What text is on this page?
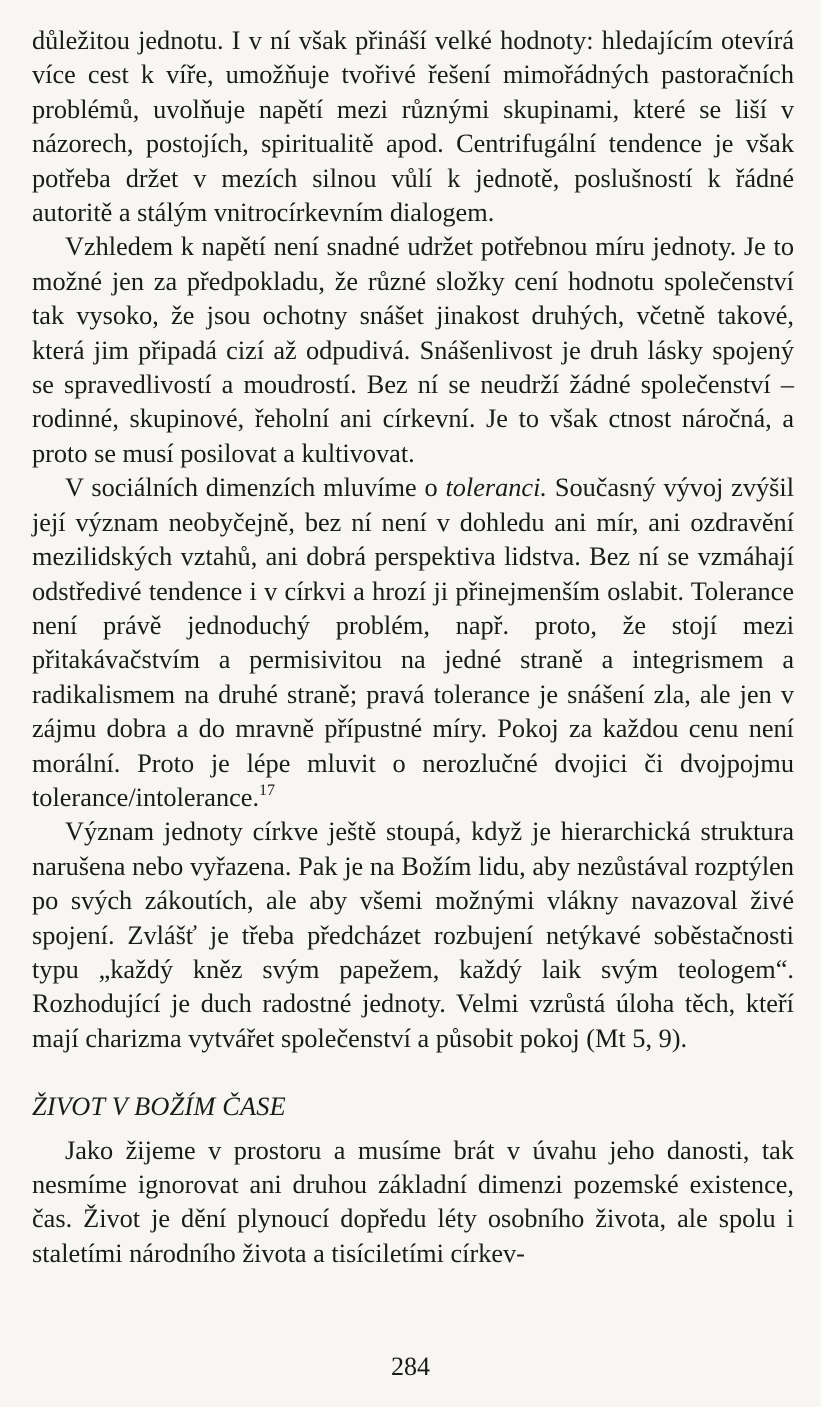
důležitou jednotu. I v ní však přináší velké hodnoty: hledajícím otevírá více cest k víře, umožňuje tvořivé řešení mimořádných pastoračních problémů, uvolňuje napětí mezi různými skupinami, které se liší v názorech, postojích, spiritualitě apod. Centrifugální tendence je však potřeba držet v mezích silnou vůlí k jednotě, poslušností k řádné autoritě a stálým vnitrocírkevním dialogem.

Vzhledem k napětí není snadné udržet potřebnou míru jednoty. Je to možné jen za předpokladu, že různé složky cení hodnotu společenství tak vysoko, že jsou ochotny snášet jinakost druhých, včetně takové, která jim připadá cizí až odpudivá. Snášenlivost je druh lásky spojený se spravedlivostí a moudrostí. Bez ní se neudrží žádné společenství – rodinné, skupinové, řeholní ani církevní. Je to však ctnost náročná, a proto se musí posilovat a kultivovat.

V sociálních dimenzích mluvíme o toleranci. Současný vývoj zvýšil její význam neobyčejně, bez ní není v dohledu ani mír, ani ozdravění mezilidských vztahů, ani dobrá perspektiva lidstva. Bez ní se vzmáhají odstředivé tendence i v církvi a hrozí ji přinejmenším oslabit. Tolerance není právě jednoduchý problém, např. proto, že stojí mezi přitakávačstvím a permisivitou na jedné straně a integrismem a radikalismem na druhé straně; pravá tolerance je snášení zla, ale jen v zájmu dobra a do mravně přípustné míry. Pokoj za každou cenu není morální. Proto je lépe mluvit o nerozlučné dvojici či dvojpojmu tolerance/intolerance.$^{17}$

Význam jednoty církve ještě stoupá, když je hierarchická struktura narušena nebo vyřazena. Pak je na Božím lidu, aby nezůstával rozptýlen po svých zákoutích, ale aby všemi možnými vlákny navazoval živé spojení. Zvlášť je třeba předcházet rozbujení netýkavé soběstačnosti typu „každý kněz svým papežem, každý laik svým teologem“. Rozhodující je duch radostné jednoty. Velmi vzrůstá úloha těch, kteří mají charizma vytvářet společenství a působit pokoj (Mt 5, 9).

ŽIVOT V BOŽÍM ČASE

Jako žijeme v prostoru a musíme brát v úvahu jeho danosti, tak nesmíme ignorovat ani druhou základní dimenzi pozemské existence, čas. Život je dění plynoucí dopředu léty osobního života, ale spolu i staletími národního života a tisíciletími církev-

284
